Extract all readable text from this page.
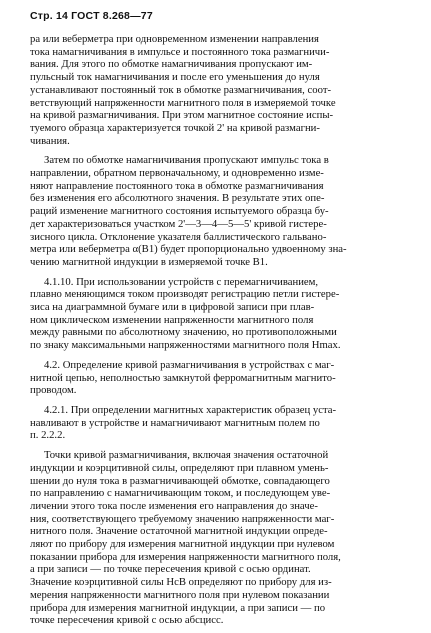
Стр. 14 ГОСТ 8.268—77
ра или веберметра при одновременном изменении направления
тока намагничивания в импульсе и постоянного тока размагничи-
вания. Для этого по обмотке намагничивания пропускают им-
пульсный ток намагничивания и после его уменьшения до нуля
устанавливают постоянный ток в обмотке размагничивания, соот-
ветствующий напряженности магнитного поля в измеряемой точке
на кривой размагничивания. При этом магнитное состояние испы-
туемого образца характеризуется точкой 2' на кривой размагни-
чивания.
Затем по обмотке намагничивания пропускают импульс тока в
направлении, обратном первоначальному, и одновременно изме-
няют направление постоянного тока в обмотке размагничивания
без изменения его абсолютного значения. В результате этих опе-
раций изменение магнитного состояния испытуемого образца бу-
дет характеризоваться участком 2'—3—4—5—5' кривой гистере-
зисного цикла. Отклонение указателя баллистического гальвано-
метра или веберметра α(B1) будет пропорционально удвоенному зна-
чению магнитной индукции в измеряемой точке B1.
4.1.10. При использовании устройств с перемагничиванием,
плавно меняющимся током производят регистрацию петли гистере-
зиса на диаграммной бумаге или в цифровой записи при плав-
ном циклическом изменении напряженности магнитного поля
между равными по абсолютному значению, но противоположными
по знаку максимальными напряженностями магнитного поля Hmax.
4.2. Определение кривой размагничивания в устройствах с маг-
нитной цепью, неполностью замкнутой ферромагнитным магнито-
проводом.
4.2.1. При определении магнитных характеристик образец уста-
навливают в устройстве и намагничивают магнитным полем по
п. 2.2.2.
Точки кривой размагничивания, включая значения остаточной
индукции и коэрцитивной силы, определяют при плавном умень-
шении до нуля тока в размагничивающей обмотке, совпадающего
по направлению с намагничивающим током, и последующем уве-
личении этого тока после изменения его направления до значе-
ния, соответствующего требуемому значению напряженности маг-
нитного поля. Значение остаточной магнитной индукции опреде-
ляют по прибору для измерения магнитной индукции при нулевом
показании прибора для измерения напряженности магнитного поля,
а при записи — по точке пересечения кривой с осью ординат.
Значение коэрцитивной силы HcB определяют по прибору для из-
мерения напряженности магнитного поля при нулевом показании
прибора для измерения магнитной индукции, а при записи — по
точке пересечения кривой с осью абсцисс.
